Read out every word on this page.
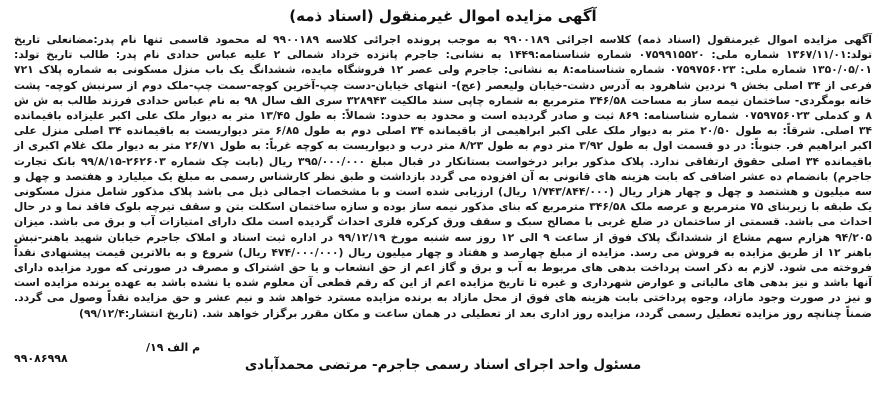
آگهی مزایده اموال غیرمنقول (اسناد ذمه)

آگهی مزایده اموال غیرمنقول (اسناد ذمه) کلاسه اجرائی ۹۹۰۰۱۸۹ به موجب پرونده اجرائی کلاسه ۹۹۰۰۱۸۹ له محمود قاسمی تنها نام پدر:مضانعلی تاریخ تولد:۱۳۶۷/۱۱/۰۱ شماره ملی: ۰۷۵۹۹۱۵۵۲۰ شماره شناسنامه:۱۴۴۹ به نشانی: جاجرم پانزده خرداد شمالی ۲ علیه عباس حدادی نام پدر: طالب تاریخ تولد: ۱۳۵۰/۰۵/۰۱ شماره ملی: ۰۷۵۹۷۵۶۰۲۳ شماره شناسنامه:۸ به نشانی: جاجرم ولی عصر ۱۲ فروشگاه مایده، ششدانگ یک باب منزل مسکونی به شماره پلاک ۷۲۱ فرعی از ۳۴ اصلی بخش ۹ نردین شاهرود به آدرس دشت-خیابان ولیعصر (عج)- انتهای خیابان-دست چپ-آخرین کوچه-سمت چپ-ملک دوم از سرنبش کوچه- پشت خانه بومگردی- ساختمان نیمه ساز به مساحت ۳۴۶/۵۸ مترمربع به شماره چاپی سند مالکیت ۳۲۸۹۴۳ سری الف سال ۹۸ به نام عباس حدادی فرزند طالب به ش ش ۸ و کدملی ۰۷۵۹۷۵۶۰۲۳ شماره شناسنامه: ۸۶۹ ثبت و صادر گردیده است و محدود به حدود: شمالاً: به طول ۱۳/۴۵ متر به دیوار ملک علی اکبر علیزاده باقیمانده ۳۴ اصلی. شرقاً: به طول ۲۰/۵۰ متر به دیوار ملک علی اکبر ابراهیمی از باقیمانده ۳۴ اصلی دوم به طول ۶/۸۵ متر دیواریست به باقیمانده ۳۴ اصلی منزل علی اکبر ابراهیم فر. جنوباً: در دو قسمت اول به طول ۳/۹۲ متر دوم به طول ۸/۲۳ متر درب و دیواریست به کوچه غرباً: به طول ۲۶/۷۱ متر به دیوار ملک غلام اکبری از باقیمانده ۳۴ اصلی حقوق ارتفاقی ندارد. پلاک مذکور برابر درخواست بستانکار در قبال مبلغ ۳۹۵/۰۰۰/۰۰۰ ریال (بابت چک شماره ۲۶۲۶۰۳-۹۹/۸/۱۵ بانک تجارت جاجرم) بانضمام ده عشر اضافی که بابت هزینه های قانونی به آن افزوده می گردد بازداشت و طبق نظر کارشناس رسمی به مبلغ یک میلیارد و هفتصد و چهل و سه میلیون و هشتصد و چهل و چهار هزار ریال (۱/۷۴۳/۸۴۴/۰۰۰ ریال) ارزیابی شده است و با مشخصات اجمالی ذیل می باشد پلاک مذکور شامل منزل مسکونی یک طبقه با زیربنای ۷۵ مترمربع و عرصه ملک ۳۴۶/۵۸ مترمربع که بنای مذکور نیمه ساز بوده و سازه ساختمان اسکلت بتن و سقف تیرچه بلوک فاقد نما و در حال احداث می باشد. قسمتی از ساختمان در ضلع غربی با مصالح سبک و سقف ورق کرکره فلزی احداث گردیده است ملک دارای امتیازات آب و برق می باشد. میزان ۹۴/۲۰۵ هزارم سهم مشاع از ششدانگ پلاک فوق از ساعت ۹ الی ۱۲ روز سه شنبه مورخ ۹۹/۱۲/۱۹ در اداره ثبت اسناد و املاک جاجرم خیابان شهید باهنر-نبش باهنر ۱۲ از طریق مزایده به فروش می رسد. مزایده از مبلغ چهارصد و هفتاد و چهار میلیون ریال (۴۷۴/۰۰۰/۰۰۰ ریال) شروع و به بالاترین قیمت پیشنهادی نقداً فروخته می شود. لازم به ذکر است پرداخت بدهی های مربوط به آب و برق و گاز اعم از حق انشعاب و یا حق اشتراک و مصرف در صورتی که مورد مزایده دارای آنها باشد و نیز بدهی های مالیاتی و عوارض شهرداری و غیره تا تاریخ مزایده اعم از این که رقم قطعی آن معلوم شده یا نشده باشد به عهده برنده مزایده است و نیز در صورت وجود مازاد، وجوه پرداختی بابت هزینه های فوق از محل مازاد به برنده مزایده مسترد خواهد شد و نیم عشر و حق مزایده نقداً وصول می گردد. ضمناً چنانچه روز مزایده تعطیل رسمی گردد، مزایده روز اداری بعد از تعطیلی در همان ساعت و مکان مقرر برگزار خواهد شد. (تاریخ انتشار:۹۹/۱۲/۴)

م الف ۱۹/
مسئول واحد اجرای اسناد رسمی جاجرم- مرتضی محمدآبادی
۹۹۰۸۶۹۹۸
